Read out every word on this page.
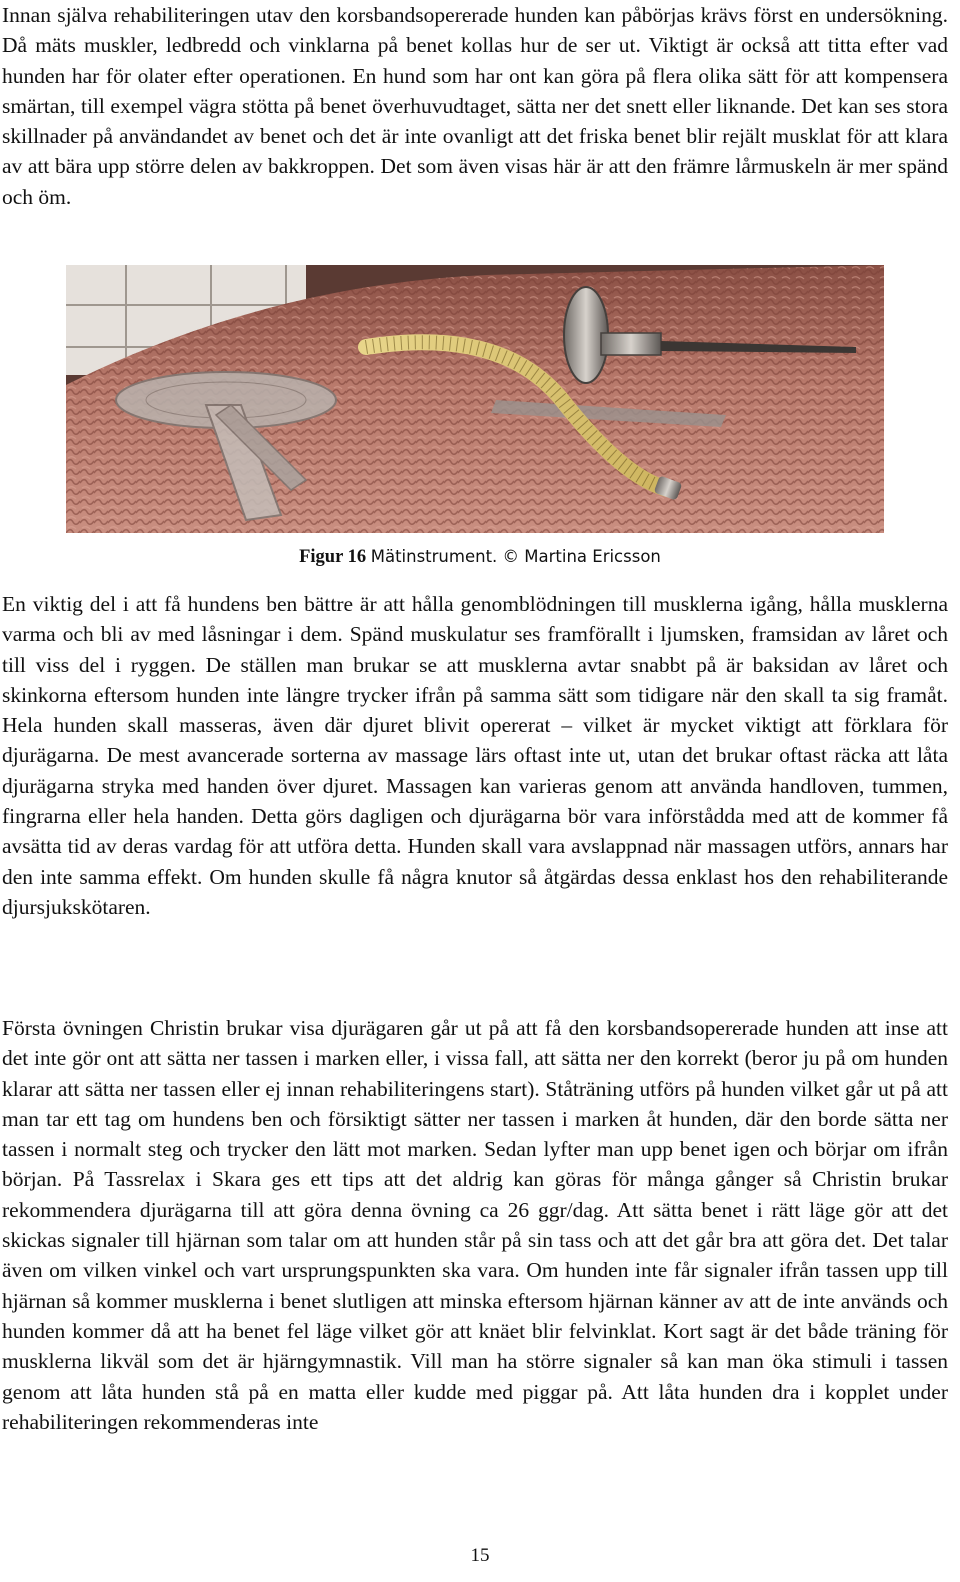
Innan själva rehabiliteringen utav den korsbandsopererade hunden kan påbörjas krävs först en undersökning. Då mäts muskler, ledbredd och vinklarna på benet kollas hur de ser ut. Viktigt är också att titta efter vad hunden har för olater efter operationen. En hund som har ont kan göra på flera olika sätt för att kompensera smärtan, till exempel vägra stötta på benet överhuvudtaget, sätta ner det snett eller liknande. Det kan ses stora skillnader på användandet av benet och det är inte ovanligt att det friska benet blir rejält musklat för att klara av att bära upp större delen av bakkroppen. Det som även visas här är att den främre lårmuskeln är mer spänd och öm.

Figur 16 Mätinstrument. © Martina Ericsson

En viktig del i att få hundens ben bättre är att hålla genomblödningen till musklerna igång, hålla musklerna varma och bli av med låsningar i dem. Spänd muskulatur ses framförallt i ljumsken, framsidan av låret och till viss del i ryggen. De ställen man brukar se att musklerna avtar snabbt på är baksidan av låret och skinkorna eftersom hunden inte längre trycker ifrån på samma sätt som tidigare när den skall ta sig framåt. Hela hunden skall masseras, även där djuret blivit opererat – vilket är mycket viktigt att förklara för djurägarna. De mest avancerade sorterna av massage lärs oftast inte ut, utan det brukar oftast räcka att låta djurägarna stryka med handen över djuret. Massagen kan varieras genom att använda handloven, tummen, fingrarna eller hela handen. Detta görs dagligen och djurägarna bör vara införstådda med att de kommer få avsätta tid av deras vardag för att utföra detta. Hunden skall vara avslappnad när massagen utförs, annars har den inte samma effekt. Om hunden skulle få några knutor så åtgärdas dessa enklast hos den rehabiliterande djursjukskötaren.

Första övningen Christin brukar visa djurägaren går ut på att få den korsbandsopererade hunden att inse att det inte gör ont att sätta ner tassen i marken eller, i vissa fall, att sätta ner den korrekt (beror ju på om hunden klarar att sätta ner tassen eller ej innan rehabiliteringens start). Ståträning utförs på hunden vilket går ut på att man tar ett tag om hundens ben och försiktigt sätter ner tassen i marken åt hunden, där den borde sätta ner tassen i normalt steg och trycker den lätt mot marken. Sedan lyfter man upp benet igen och börjar om ifrån början. På Tassrelax i Skara ges ett tips att det aldrig kan göras för många gånger så Christin brukar rekommendera djurägarna till att göra denna övning ca 26 ggr/dag. Att sätta benet i rätt läge gör att det skickas signaler till hjärnan som talar om att hunden står på sin tass och att det går bra att göra det. Det talar även om vilken vinkel och vart ursprungspunkten ska vara. Om hunden inte får signaler ifrån tassen upp till hjärnan så kommer musklerna i benet slutligen att minska eftersom hjärnan känner av att de inte används och hunden kommer då att ha benet fel läge vilket gör att knäet blir felvinklat. Kort sagt är det både träning för musklerna likväl som det är hjärngymnastik. Vill man ha större signaler så kan man öka stimuli i tassen genom att låta hunden stå på en matta eller kudde med piggar på. Att låta hunden dra i kopplet under rehabiliteringen rekommenderas inte

15
